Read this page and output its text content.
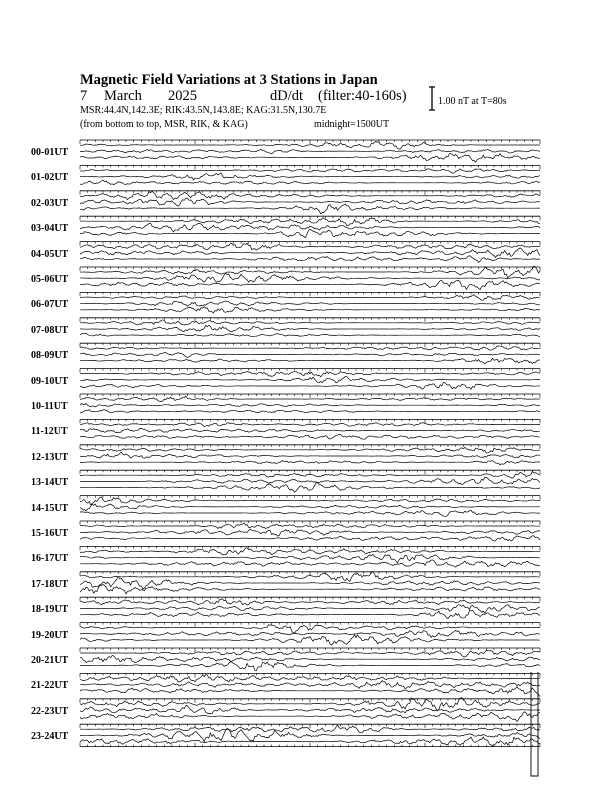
Magnetic Field Variations at 3 Stations in Japan
7 March 2025	dD/dt (filter:40-160s)
MSR:44.4N,142.3E; RIK:43.5N,143.8E; KAG:31.5N,130.7E
(from bottom to top, MSR, RIK, & KAG)	midnight=1500UT
1.00 nT at T=80s
00-01UT
01-02UT
02-03UT
03-04UT
04-05UT
05-06UT
06-07UT
07-08UT
08-09UT
09-10UT
10-11UT
11-12UT
12-13UT
13-14UT
14-15UT
15-16UT
16-17UT
17-18UT
18-19UT
19-20UT
20-21UT
21-22UT
22-23UT
23-24UT
